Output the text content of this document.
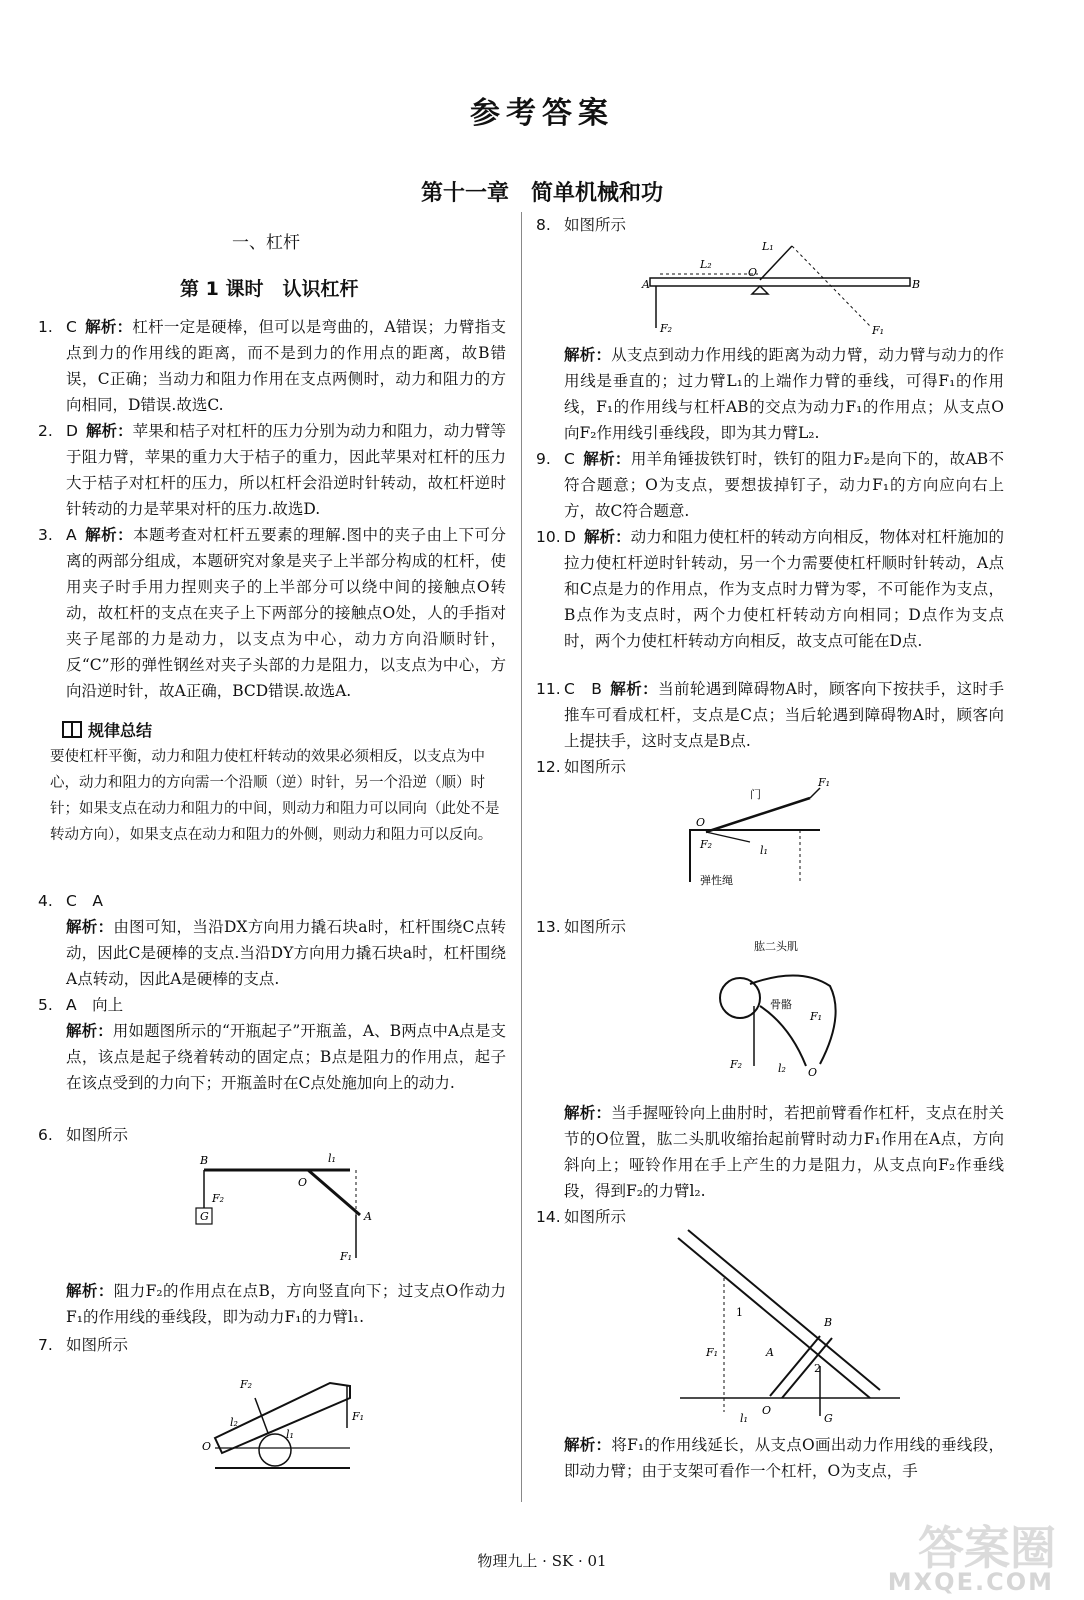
参考答案
第十一章　简单机械和功
一、杠杆
第 1 课时　认识杠杆
1. C 解析：杠杆一定是硬棒，但可以是弯曲的，A错误；力臂指支点到力的作用线的距离，而不是到力的作用点的距离，故B错误，C正确；当动力和阻力作用在支点两侧时，动力和阻力的方向相同，D错误.故选C.
2. D 解析：苹果和桔子对杠杆的压力分别为动力和阻力，动力臂等于阻力臂，苹果的重力大于桔子的重力，因此苹果对杠杆的压力大于桔子对杠杆的压力，所以杠杆会沿逆时针转动，故杠杆逆时针转动的力是苹果对杆的压力.故选D.
3. A 解析：本题考查对杠杆五要素的理解.图中的夹子由上下可分离的两部分组成，本题研究对象是夹子上半部分构成的杠杆，使用夹子时手用力捏则夹子的上半部分可以绕中间的接触点O转动，故杠杆的支点在夹子上下两部分的接触点O处，人的手指对夹子尾部的力是动力，以支点为中心，动力方向沿顺时针，反“C”形的弹性钢丝对夹子头部的力是阻力，以支点为中心，方向沿逆时针，故A正确，BCD错误.故选A.
4. C　A
解析：由图可知，当沿DX方向用力撬石块a时，杠杆围绕C点转动，因此C是硬棒的支点.当沿DY方向用力撬石块a时，杠杆围绕A点转动，因此A是硬棒的支点.
5. A　向上
解析：用如题图所示的“开瓶起子”开瓶盖，A、B两点中A点是支点，该点是起子绕着转动的固定点；B点是阻力的作用点，起子在该点受到的力向下；开瓶盖时在C点处施加向上的动力.
6. 如图所示
解析：阻力F₂的作用点在点B，方向竖直向下；过支点O作动力F₁的作用线的垂线段，即为动力F₁的力臂l₁.
7. 如图所示
规律总结
要使杠杆平衡，动力和阻力使杠杆转动的效果必须相反，以支点为中心，动力和阻力的方向需一个沿顺（逆）时针，另一个沿逆（顺）时针；如果支点在动力和阻力的中间，则动力和阻力可以同向（此处不是转动方向），如果支点在动力和阻力的外侧，则动力和阻力可以反向。
8. 如图所示
解析：从支点到动力作用线的距离为动力臂，动力臂与动力的作用线是垂直的；过力臂L₁的上端作力臂的垂线，可得F₁的作用线，F₁的作用线与杠杆AB的交点为动力F₁的作用点；从支点O向F₂作用线引垂线段，即为其力臂L₂.
9. C 解析：用羊角锤拔铁钉时，铁钉的阻力F₂是向下的，故AB不符合题意；O为支点，要想拔掉钉子，动力F₁的方向应向右上方，故C符合题意.
10. D 解析：动力和阻力使杠杆的转动方向相反，物体对杠杆施加的拉力使杠杆逆时针转动，另一个力需要使杠杆顺时针转动，A点和C点是力的作用点，作为支点时力臂为零，不可能作为支点，B点作为支点时，两个力使杠杆转动方向相同；D点作为支点时，两个力使杠杆转动方向相反，故支点可能在D点.
11. C　B 解析：当前轮遇到障碍物A时，顾客向下按扶手，这时手推车可看成杠杆，支点是C点；当后轮遇到障碍物A时，顾客向上提扶手，这时支点是B点.
12. 如图所示
13. 如图所示
解析：当手握哑铃向上曲肘时，若把前臂看作杠杆，支点在肘关节的O位置，肱二头肌收缩抬起前臂时动力F₁作用在A点，方向斜向上；哑铃作用在手上产生的力是阻力，从支点向F₂作垂线段，得到F₂的力臂l₂.
14. 如图所示
解析：将F₁的作用线延长，从支点O画出动力作用线的垂线段，即动力臂；由于支架可看作一个杠杆，O为支点，手
G
B
F₂
O
A
F₁
l₁
F₁
F₂
O
l₂
l₁
A	B
O
L₁
F₂
L₂
F₁
F₁
O
F₂	l₁
门
弹性绳
肱二头肌
骨骼
F₂	l₂ O
F₁
F₁
1
A
B
2
G
O
l₁
物理九上 · SK · 01	答案圈
MXQE.COM
